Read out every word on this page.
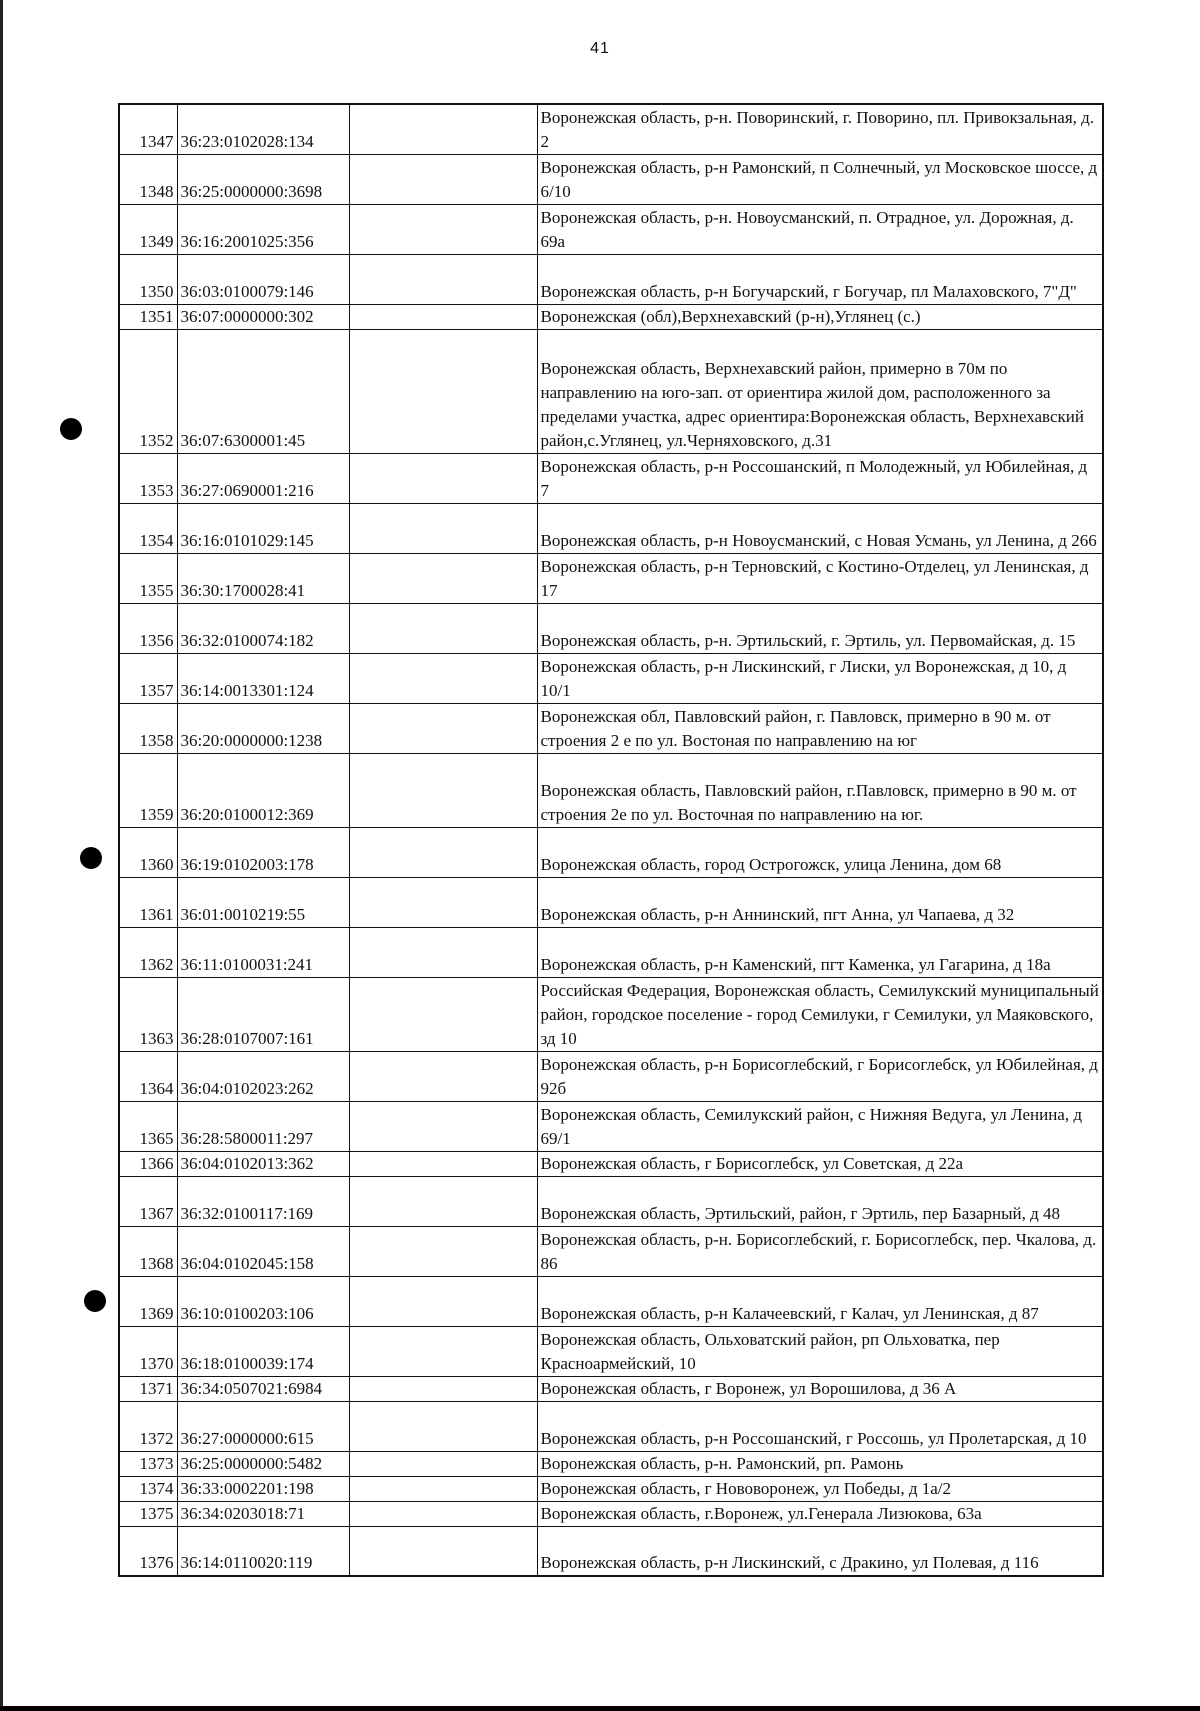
41
1347	36:23:0102028:134		Воронежская область, р-н. Поворинский, г. Поворино, пл. Привокзальная, д. 2
1348	36:25:0000000:3698		Воронежская область, р-н Рамонский, п Солнечный, ул Московское шоссе, д 6/10
1349	36:16:2001025:356		Воронежская область, р-н. Новоусманский, п. Отрадное, ул. Дорожная, д. 69а
1350	36:03:0100079:146		Воронежская область, р-н Богучарский, г Богучар, пл Малаховского, 7"Д"
1351	36:07:0000000:302		Воронежская (обл),Верхнехавский (р-н),Углянец (с.)
1352	36:07:6300001:45		Воронежская область, Верхнехавский район, примерно в 70м по направлению на юго-зап. от ориентира жилой дом, расположенного за пределами участка, адрес ориентира:Воронежская область, Верхнехавский район,с.Углянец, ул.Черняховского, д.31
1353	36:27:0690001:216		Воронежская область, р-н Россошанский, п Молодежный, ул Юбилейная, д 7
1354	36:16:0101029:145		Воронежская область, р-н Новоусманский, с Новая Усмань, ул Ленина, д 266
1355	36:30:1700028:41		Воронежская область, р-н Терновский, с Костино-Отделец, ул Ленинская, д 17
1356	36:32:0100074:182		Воронежская область, р-н. Эртильский, г. Эртиль, ул. Первомайская, д. 15
1357	36:14:0013301:124		Воронежская область, р-н Лискинский, г Лиски, ул Воронежская, д 10, д 10/1
1358	36:20:0000000:1238		Воронежская обл, Павловский район, г. Павловск, примерно в 90 м. от строения 2 е по ул. Востоная по направлению на юг
1359	36:20:0100012:369		Воронежская область, Павловский район, г.Павловск, примерно в 90 м. от строения 2е по ул. Восточная по направлению на юг.
1360	36:19:0102003:178		Воронежская область, город Острогожск, улица Ленина, дом 68
1361	36:01:0010219:55		Воронежская область, р-н Аннинский, пгт Анна, ул Чапаева, д 32
1362	36:11:0100031:241		Воронежская область, р-н Каменский, пгт Каменка, ул Гагарина, д 18а
1363	36:28:0107007:161		Российская Федерация, Воронежская область, Семилукский муниципальный район, городское поселение - город Семилуки, г Семилуки, ул Маяковского, зд 10
1364	36:04:0102023:262		Воронежская область, р-н Борисоглебский, г Борисоглебск, ул Юбилейная, д 92б
1365	36:28:5800011:297		Воронежская область, Семилукский район, с Нижняя Ведуга, ул Ленина, д 69/1
1366	36:04:0102013:362		Воронежская область, г Борисоглебск, ул Советская, д 22а
1367	36:32:0100117:169		Воронежская область, Эртильский, район, г Эртиль, пер Базарный, д 48
1368	36:04:0102045:158		Воронежская область, р-н. Борисоглебский, г. Борисоглебск, пер. Чкалова, д. 86
1369	36:10:0100203:106		Воронежская область, р-н Калачеевский, г Калач, ул Ленинская, д 87
1370	36:18:0100039:174		Воронежская область, Ольховатский район, рп Ольховатка, пер Красноармейский, 10
1371	36:34:0507021:6984		Воронежская область, г Воронеж, ул Ворошилова, д 36 А
1372	36:27:0000000:615		Воронежская область, р-н Россошанский, г Россошь, ул Пролетарская, д 10
1373	36:25:0000000:5482		Воронежская область, р-н. Рамонский, рп. Рамонь
1374	36:33:0002201:198		Воронежская область, г Нововоронеж, ул Победы, д 1а/2
1375	36:34:0203018:71		Воронежская область, г.Воронеж, ул.Генерала Лизюкова, 63а
1376	36:14:0110020:119		Воронежская область, р-н Лискинский, с Дракино, ул Полевая, д 116
